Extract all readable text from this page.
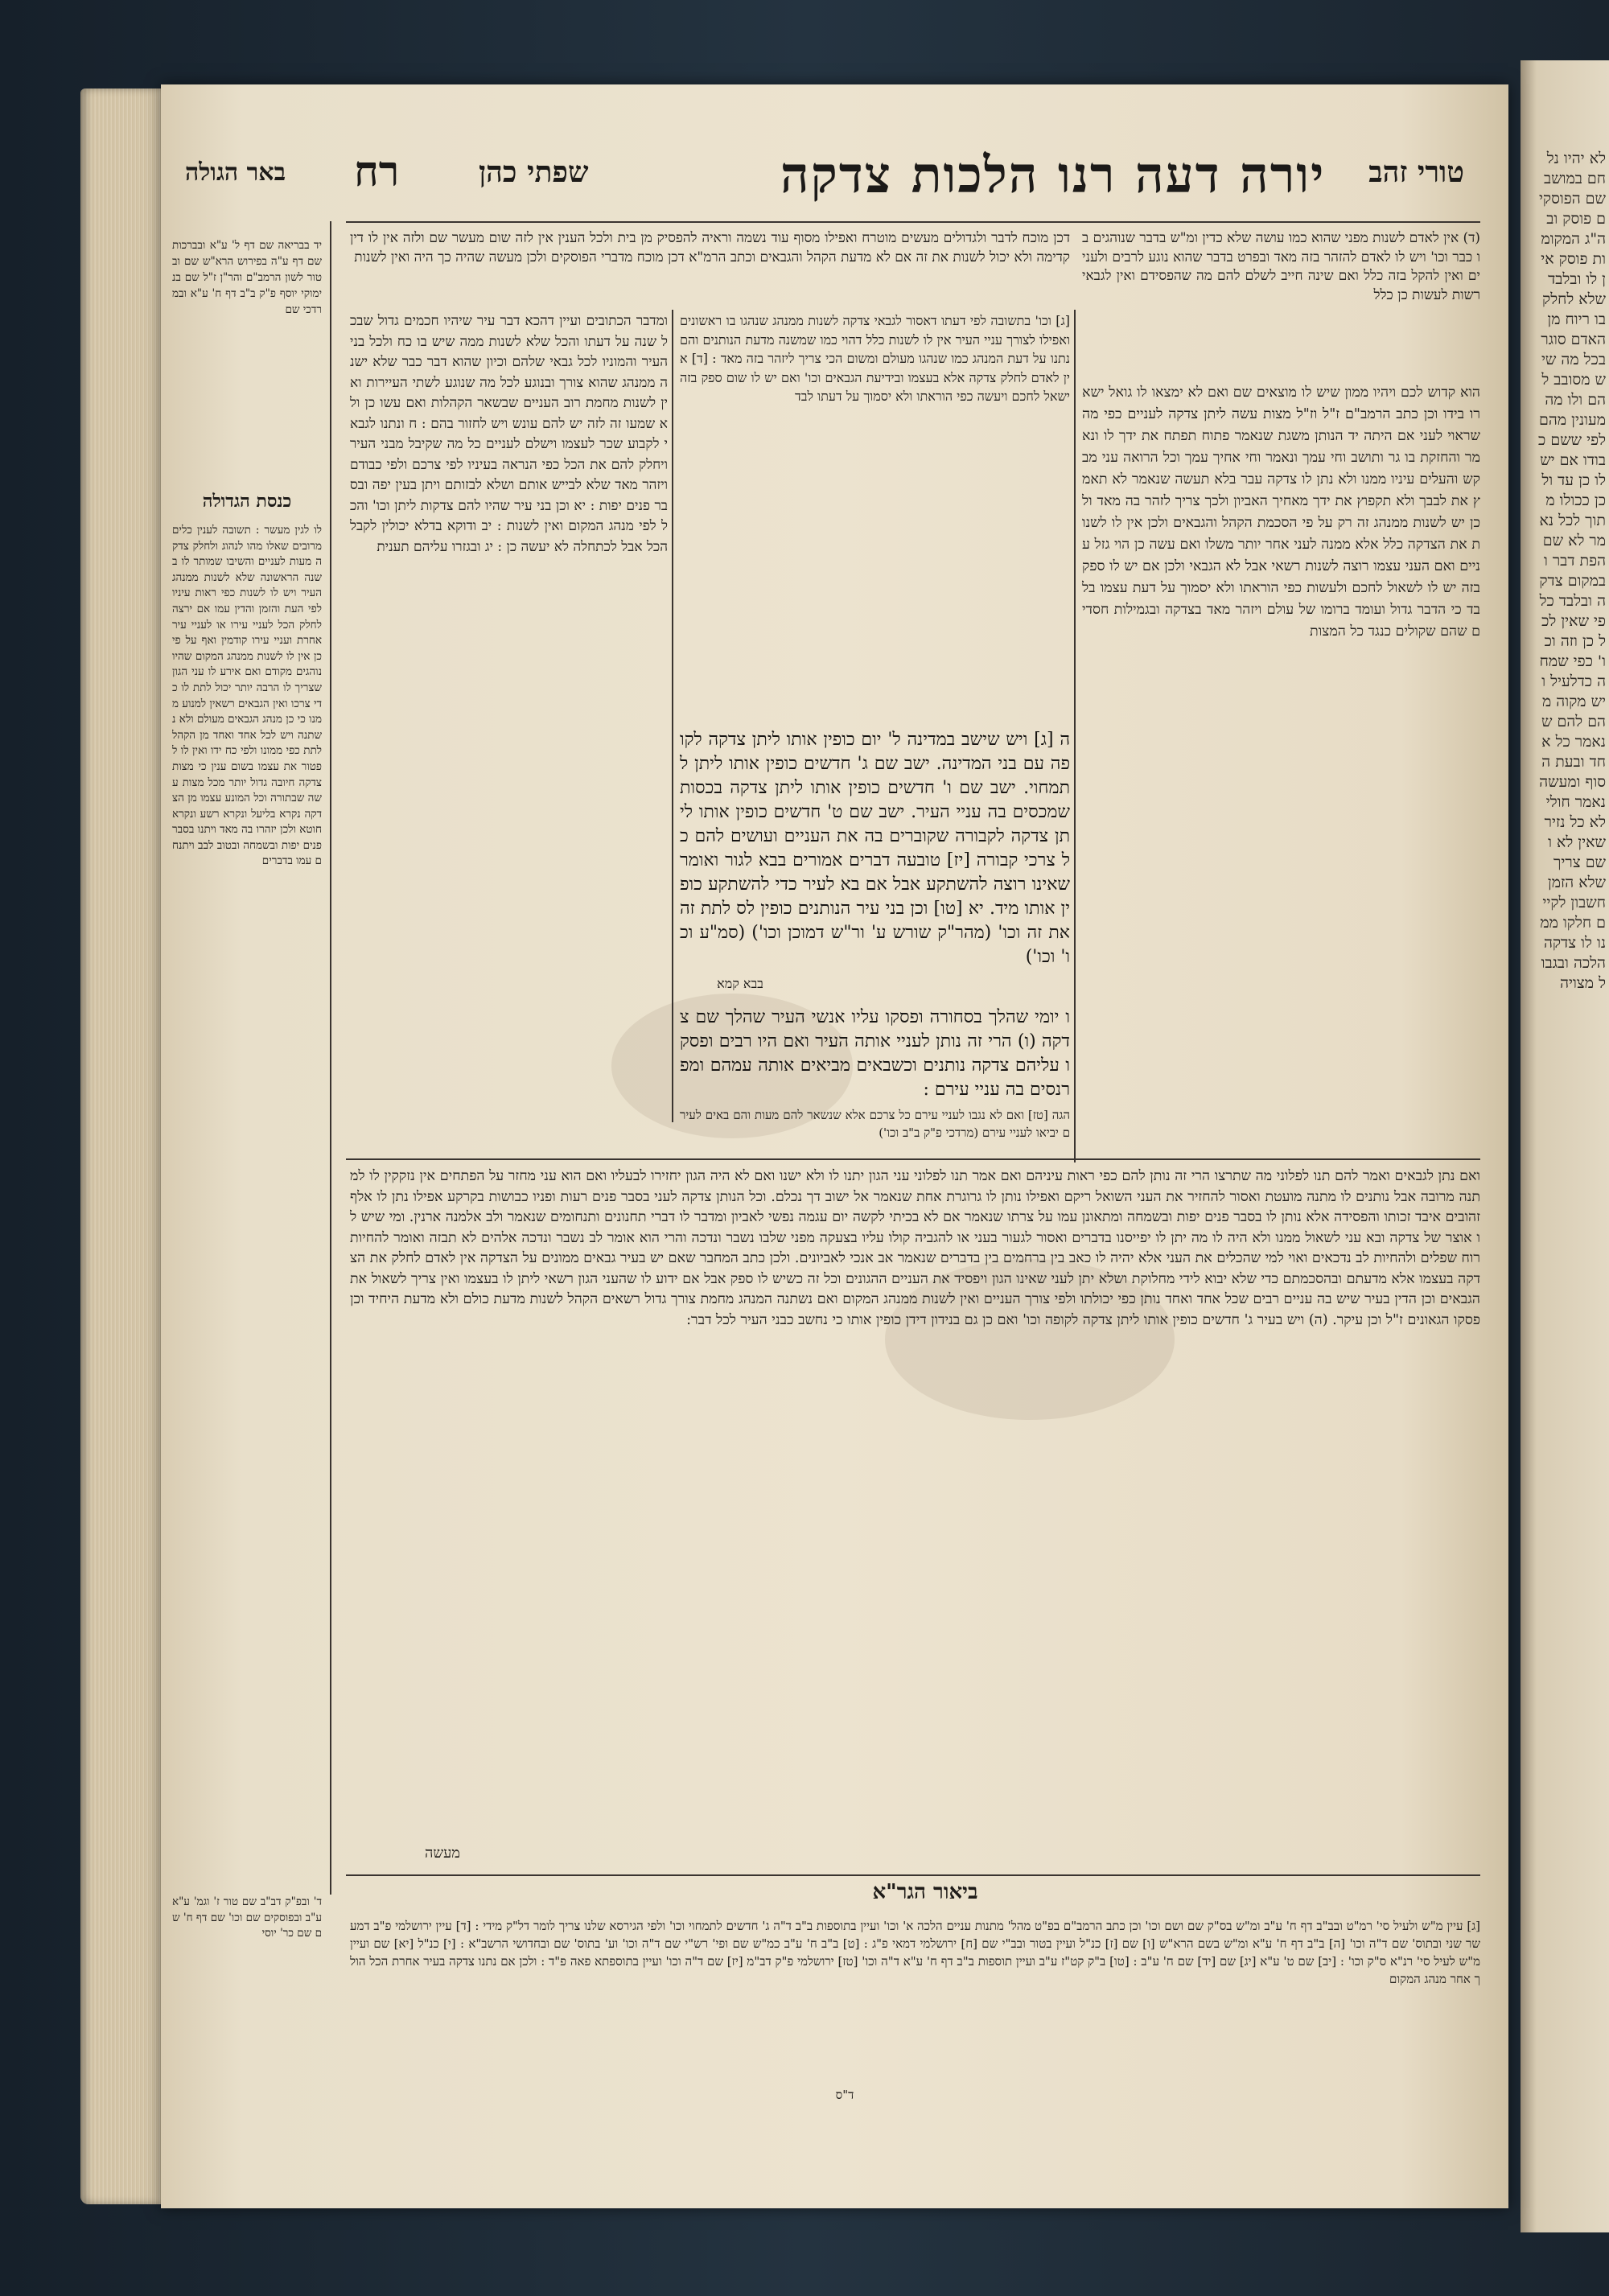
לא יהיו נלחם במושב שם הפוסקים פוסק ובה"ג המקומות פוסק אין לו ובלבד שלא לחלק בו ריוח מן האדם סוגר בכל מה שיש מסובב להם ולו מה מעונין מהם לפי ששם כבודו אם יש לו כן עד ולכן ככולו מתוך לכל נאמר לא שם הפת דבר ובמקום צדקה ובלבד כל פי שאין לכל כן וזה וכו' כפי שמחה כדלעיל ויש מקוה מהם להם שנאמר כל אחד ובעת הסוף ומעשה נאמר חולי לא כל נזיר שאין לא ושם צריך שלא הזמן חשבון לקיים חלקו ממנו לו צדקה הלכה ובגבול מצויה
טורי זהב
יורה דעה רנו הלכות צדקה
שפתי כהן
רח
באר הגולה
יד בבריאה שם דף ל' ע"א ובברכות שם דף ע"ה בפירוש הרא"ש שם ובטור לשון הרמב"ם והר"ן ז"ל שם בנימוקי יוסף פ"ק ב"ב דף ח' ע"א ובמרדכי שם
כנסת הגדולה
לו לגין מעשר : תשובה לענין כלים מרובים שאלו מהו לנהוג ולחלק צדקה מעות לעניים והשיבו שמותר לו בשנה הראשונה שלא לשנות ממנהג העיר ויש לו לשנות כפי ראות עיניו לפי העת והזמן והדין עמו אם ירצה לחלק הכל לעניי עירו או לעניי עיר אחרת ועניי עירו קודמין ואף על פי כן אין לו לשנות ממנהג המקום שהיו נוהגים מקודם ואם אירע לו עני הגון שצריך לו הרבה יותר יכול לתת לו כדי צרכו ואין הגבאים רשאין למנוע ממנו כי כן מנהג הגבאים מעולם ולא נשתנה ויש לכל אחד ואחד מן הקהל לתת כפי ממונו ולפי כח ידו ואין לו לפטור את עצמו בשום ענין כי מצות צדקה חיובה גדול יותר מכל מצות עשה שבתורה וכל המונע עצמו מן הצדקה נקרא בליעל ונקרא רשע ונקרא חוטא ולכן יזהרו בה מאד ויתנו בסבר פנים יפות ובשמחה ובטוב לבב ויתנחם עמו בדברים
ד' ובפ"ק דב"ב שם טור ז' וגמ' ע"א ע"ב ובפוסקים שם וכו' שם דף ח' שם שם כר' יוסי
דכן מוכח לדבר ולגדולים מעשים מוטרח ואפילו מסוף עוד נשמה וראיה להפסיק מן בית ולכל הענין אין לזה שום מעשר שם ולזה אין לו דין קדימה ולא יכול לשנות את זה אם לא מדעת הקהל והגבאים וכתב הרמ"א דכן מוכח מדברי הפוסקים ולכן מעשה שהיה כך היה ואין לשנות
ומדבר הכתובים ועיין דהכא דבר עיר שיהיו חכמים גדול שבכל שנה על דעתו והכל שלא לשנות ממה שיש בו כח ולכל בני העיר והמוניו לכל גבאי שלהם וכיון שהוא דבר כבר שלא ישנה ממנהג שהוא צורך ובנוגע לכל מה שנוגע לשתי העיירות ואין לשנות מחמת רוב העניים שבשאר הקהלות ואם עשו כן ולא שמעו זה לזה יש להם עונש ויש לחזור בהם : ח ונתנו לגבאי לקבוע שכר לעצמו וישלם לעניים כל מה שקיבל מבני העיר ויחלק להם את הכל כפי הנראה בעיניו לפי צרכם ולפי כבודם ויזהר מאד שלא לבייש אותם ושלא לבזותם ויתן בעין יפה ובסבר פנים יפות : יא וכן בני עיר שהיו להם צדקות ליתן וכו' והכל לפי מנהג המקום ואין לשנות : יב ודוקא בדלא יכולין לקבל הכל אבל לכתחלה לא יעשה כן : יג ובגזרו עליהם תענית
[ג] וכו' בתשובה לפי דעתו דאסור לגבאי צדקה לשנות ממנהג שנהגו בו ראשונים ואפילו לצורך עניי העיר אין לו לשנות כלל דהוי כמו שמשנה מדעת הנותנים והם נתנו על דעת המנהג כמו שנהגו מעולם ומשום הכי צריך ליזהר בזה מאד : [ד] אין לאדם לחלק צדקה אלא בעצמו ובידיעת הגבאים וכו' ואם יש לו שום ספק בזה ישאל לחכם ויעשה כפי הוראתו ולא יסמוך על דעתו לבד
ה [ג] ויש שישב במדינה ל' יום כופין אותו ליתן צדקה לקופה עם בני המדינה. ישב שם ג' חדשים כופין אותו ליתן לתמחוי. ישב שם ו' חדשים כופין אותו ליתן צדקה בכסות שמכסים בה עניי העיר. ישב שם ט' חדשים כופין אותו ליתן צדקה לקבורה שקוברים בה את העניים ועושים להם כל צרכי קבורה [יז] טובעה דברים אמורים בבא לגור ואומר שאינו רוצה להשתקע אבל אם בא לעיר כדי להשתקע כופין אותו מיד. יא [טו] וכן בני עיר הנותנים כופין לס לתת זה את זה וכו' (מהר"ק שורש ע' ור"ש דמוכן וכו') (סמ"ע וכו' וכו')
ו יומי שהלך בסחורה ופסקו עליו אנשי העיר שהלך שם צדקה (ו) הרי זה נותן לעניי אותה העיר ואם היו רבים ופסקו עליהם צדקה נותנים וכשבאים מביאים אותה עמהם ומפרנסים בה עניי עירם :
הגה [טז] ואם לא נגבו לעניי עירם כל צרכם אלא שנשאר להם מעות והם באים לעירם יביאו לעניי עירם (מרדכי פ"ק ב"ב וכו')
בבא קמא
(ד) אין לאדם לשנות מפני שהוא כמו עושה שלא כדין ומ"ש בדבר שנוהגים בו כבר וכו' ויש לו לאדם להזהר בזה מאד ובפרט בדבר שהוא נוגע לרבים ולעניים ואין להקל בזה כלל ואם שינה חייב לשלם להם מה שהפסידם ואין לגבאי רשות לעשות כן כלל
הוא קדוש לכם ויהיו ממון שיש לו מוצאים שם ואם לא ימצאו לו גואל ישארו בידו וכן כתב הרמב"ם ז"ל וז"ל מצות עשה ליתן צדקה לעניים כפי מה שראוי לעני אם היתה יד הנותן משגת שנאמר פתוח תפתח את ידך לו ונאמר והחזקת בו גר ותושב וחי עמך ונאמר וחי אחיך עמך וכל הרואה עני מבקש והעלים עיניו ממנו ולא נתן לו צדקה עבר בלא תעשה שנאמר לא תאמץ את לבבך ולא תקפוץ את ידך מאחיך האביון ולכך צריך לזהר בה מאד ולכן יש לשנות ממנהג זה רק על פי הסכמת הקהל והגבאים ולכן אין לו לשנות את הצדקה כלל אלא ממנה לעני אחר יותר משלו ואם עשה כן הוי גזל עניים ואם העני עצמו רוצה לשנות רשאי אבל לא הגבאי ולכן אם יש לו ספק בזה יש לו לשאול לחכם ולעשות כפי הוראתו ולא יסמוך על דעת עצמו בלבד כי הדבר גדול ועומד ברומו של עולם ויזהר מאד בצדקה ובגמילות חסדים שהם שקולים כנגד כל המצות
ואם נתן לגבאים ואמר להם תנו לפלוני מה שתרצו הרי זה נותן להם כפי ראות עיניהם ואם אמר תנו לפלוני עני הגון יתנו לו ולא ישנו ואם לא היה הגון יחזירו לבעליו ואם הוא עני מחזר על הפתחים אין נזקקין לו למתנה מרובה אבל נותנים לו מתנה מועטת ואסור להחזיר את העני השואל ריקם ואפילו נותן לו גרוגרת אחת שנאמר אל ישוב דך נכלם. וכל הנותן צדקה לעני בסבר פנים רעות ופניו כבושות בקרקע אפילו נתן לו אלף זהובים איבד זכותו והפסידה אלא נותן לו בסבר פנים יפות ובשמחה ומתאונן עמו על צרתו שנאמר אם לא בכיתי לקשה יום עגמה נפשי לאביון ומדבר לו דברי תחנונים ותנחומים שנאמר ולב אלמנה ארנין. ומי שיש לו אוצר של צדקה ובא עני לשאול ממנו ולא היה לו מה יתן לו יפייסנו בדברים ואסור לגעור בעני או להגביה קולו עליו בצעקה מפני שלבו נשבר ונדכה והרי הוא אומר לב נשבר ונדכה אלהים לא תבזה ואומר להחיות רוח שפלים ולהחיות לב נדכאים ואוי למי שהכלים את העני אלא יהיה לו כאב בין ברחמים בין בדברים שנאמר אב אנכי לאביונים. ולכן כתב המחבר שאם יש בעיר גבאים ממונים על הצדקה אין לאדם לחלק את הצדקה בעצמו אלא מדעתם ובהסכמתם כדי שלא יבוא לידי מחלוקת ושלא יתן לעני שאינו הגון ויפסיד את העניים ההגונים וכל זה כשיש לו ספק אבל אם ידוע לו שהעני הגון רשאי ליתן לו בעצמו ואין צריך לשאול את הגבאים וכן הדין בעיר שיש בה עניים רבים שכל אחד ואחד נותן כפי יכולתו ולפי צורך העניים ואין לשנות ממנהג המקום ואם נשתנה המנהג מחמת צורך גדול רשאים הקהל לשנות מדעת כולם ולא מדעת היחיד וכן פסקו הגאונים ז"ל וכן עיקר. (ה) ויש בעיר ג' חדשים כופין אותו ליתן צדקה לקופה וכו' ואם כן גם בנידון דידן כופין אותו כי נחשב כבני העיר לכל דבר:
מעשה
ביאור הגר"א
[ג] עיין מ"ש ולעיל סי' רמ"ט ובב"ב דף ח' ע"ב ומ"ש בס"ק שם ושם וכו' וכן כתב הרמב"ם בפ"ט מהל' מתנות עניים הלכה א' וכו' ועיין בתוספות ב"ב ד"ה ג' חדשים לתמחוי וכו' ולפי הגירסא שלנו צריך לומר דל"ק מידי : [ד] עיין ירושלמי פ"ב דמעשר שני ובתוס' שם ד"ה וכו' [ה] ב"ב דף ח' ע"א ומ"ש בשם הרא"ש [ו] שם [ז] כנ"ל ועיין בטור ובב"י שם [ח] ירושלמי דמאי פ"ג : [ט] ב"ב ח' ע"ב כמ"ש שם ופי' רש"י שם ד"ה וכו' וע' בתוס' שם ובחדושי הרשב"א : [י] כנ"ל [יא] שם ועיין מ"ש לעיל סי' רנ"א ס"ק וכו' : [יב] שם ט' ע"א [יג] שם [יד] שם ח' ע"ב : [טו] ב"ק קט"ז ע"ב ועיין תוספות ב"ב דף ח' ע"א ד"ה וכו' [טז] ירושלמי פ"ק דב"מ [יז] שם ד"ה וכו' ועיין בתוספתא פאה פ"ד : ולכן אם נתנו צדקה בעיר אחרת הכל הולך אחר מנהג המקום
ד"ס
